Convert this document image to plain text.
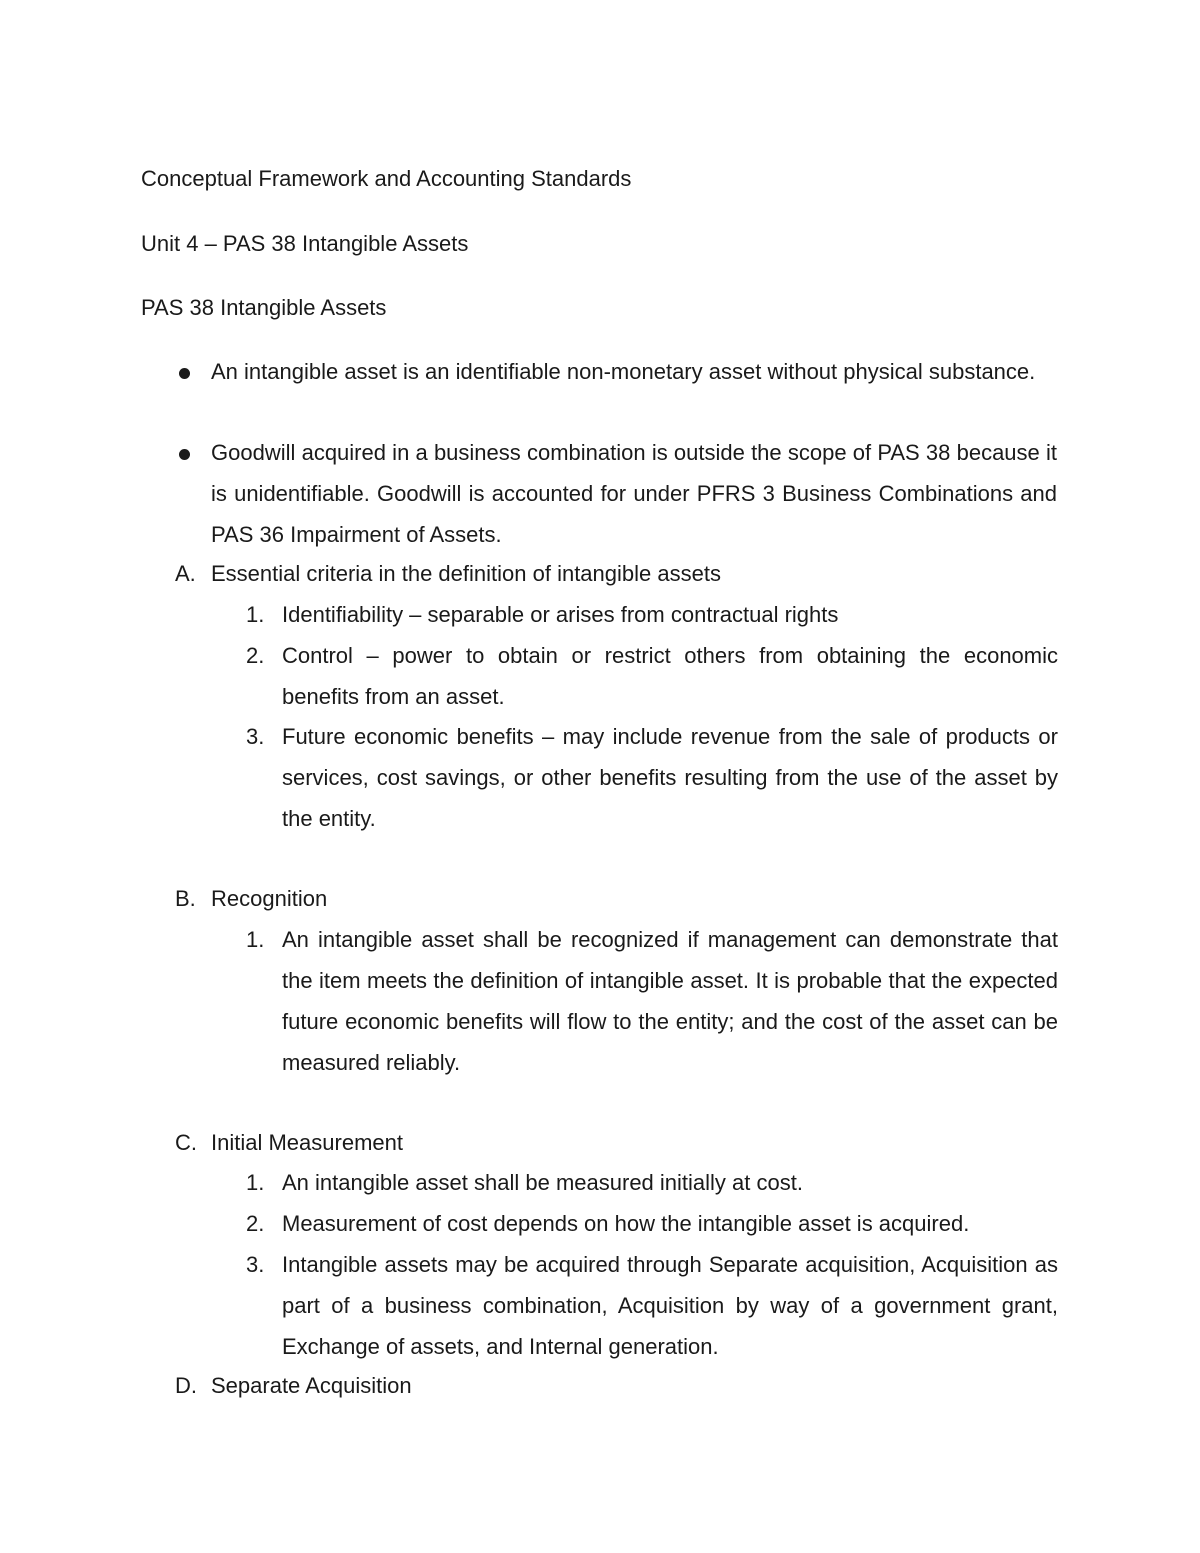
Conceptual Framework and Accounting Standards
Unit 4 – PAS 38 Intangible Assets
PAS 38 Intangible Assets
An intangible asset is an identifiable non-monetary asset without physical substance.
Goodwill acquired in a business combination is outside the scope of PAS 38 because it is unidentifiable. Goodwill is accounted for under PFRS 3 Business Combinations and PAS 36 Impairment of Assets.
A. Essential criteria in the definition of intangible assets
1. Identifiability – separable or arises from contractual rights
2. Control – power to obtain or restrict others from obtaining the economic benefits from an asset.
3. Future economic benefits – may include revenue from the sale of products or services, cost savings, or other benefits resulting from the use of the asset by the entity.
B. Recognition
1. An intangible asset shall be recognized if management can demonstrate that the item meets the definition of intangible asset. It is probable that the expected future economic benefits will flow to the entity; and the cost of the asset can be measured reliably.
C. Initial Measurement
1. An intangible asset shall be measured initially at cost.
2. Measurement of cost depends on how the intangible asset is acquired.
3. Intangible assets may be acquired through Separate acquisition, Acquisition as part of a business combination, Acquisition by way of a government grant, Exchange of assets, and Internal generation.
D. Separate Acquisition
